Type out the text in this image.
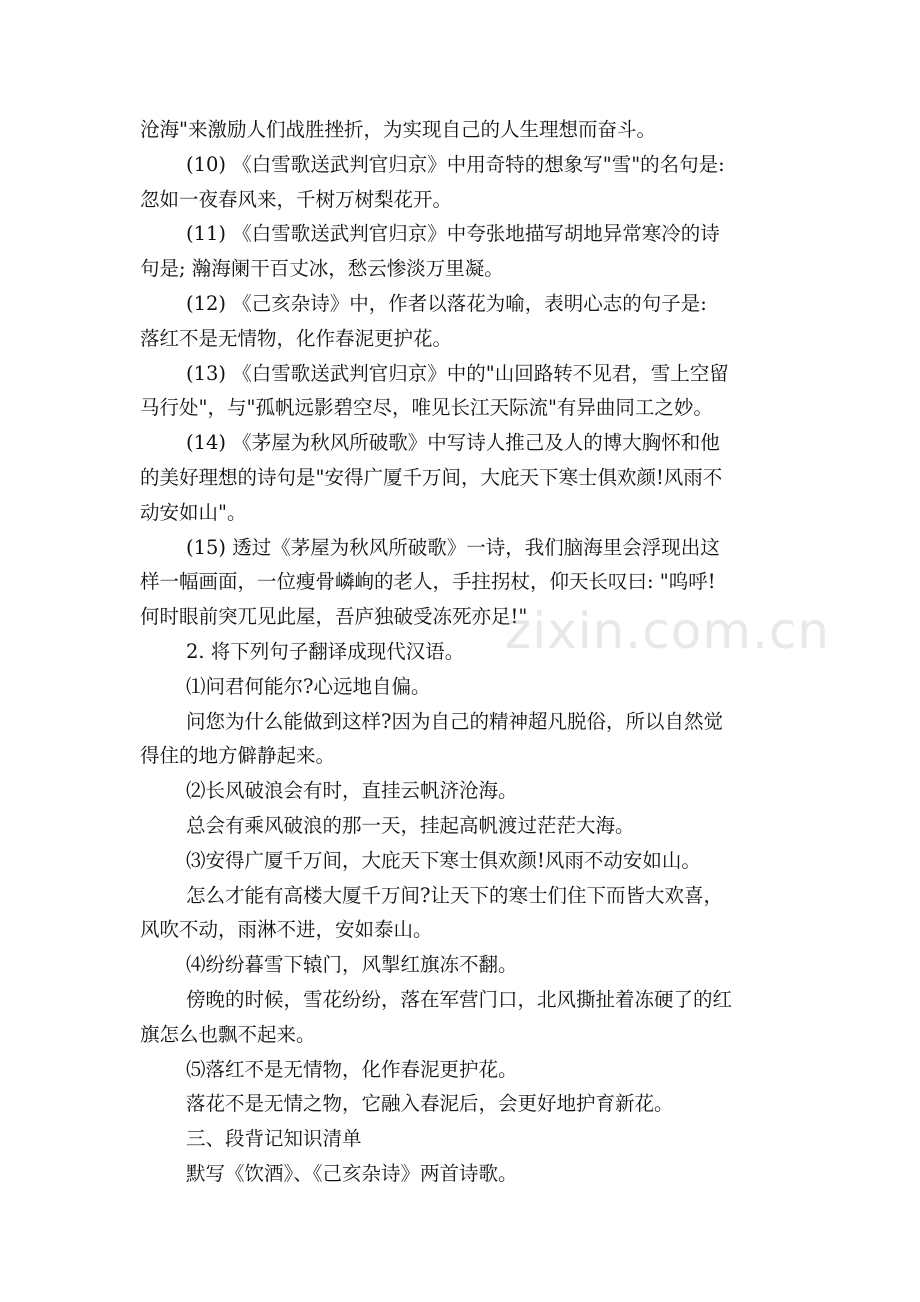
沧海"来激励人们战胜挫折，为实现自己的人生理想而奋斗。

(10) 《白雪歌送武判官归京》中用奇特的想象写"雪"的名句是:

忽如一夜春风来，千树万树梨花开。

(11) 《白雪歌送武判官归京》中夸张地描写胡地异常寒冷的诗

句是; 瀚海阑干百丈冰，愁云惨淡万里凝。

(12) 《己亥杂诗》中，作者以落花为喻，表明心志的句子是:

落红不是无情物，化作春泥更护花。

(13) 《白雪歌送武判官归京》中的"山回路转不见君，雪上空留

马行处"，与"孤帆远影碧空尽，唯见长江天际流"有异曲同工之妙。

(14) 《茅屋为秋风所破歌》中写诗人推己及人的博大胸怀和他

的美好理想的诗句是"安得广厦千万间，大庇天下寒士俱欢颜!风雨不

动安如山"。

(15) 透过《茅屋为秋风所破歌》一诗，我们脑海里会浮现出这

样一幅画面，一位瘦骨嶙峋的老人，手拄拐杖，仰天长叹曰: "呜呼!

何时眼前突兀见此屋，吾庐独破受冻死亦足!"

2. 将下列句子翻译成现代汉语。

⑴问君何能尔?心远地自偏。

问您为什么能做到这样?因为自己的精神超凡脱俗，所以自然觉

得住的地方僻静起来。

⑵长风破浪会有时，直挂云帆济沧海。

总会有乘风破浪的那一天，挂起高帆渡过茫茫大海。

⑶安得广厦千万间，大庇天下寒士俱欢颜!风雨不动安如山。

怎么才能有高楼大厦千万间?让天下的寒士们住下而皆大欢喜，

风吹不动，雨淋不进，安如泰山。

⑷纷纷暮雪下辕门，风掣红旗冻不翻。

傍晚的时候，雪花纷纷，落在军营门口，北风撕扯着冻硬了的红

旗怎么也飘不起来。

⑸落红不是无情物，化作春泥更护花。

落花不是无情之物，它融入春泥后，会更好地护育新花。

三、段背记知识清单

默写《饮酒》、《己亥杂诗》两首诗歌。

zixin.com.cn
